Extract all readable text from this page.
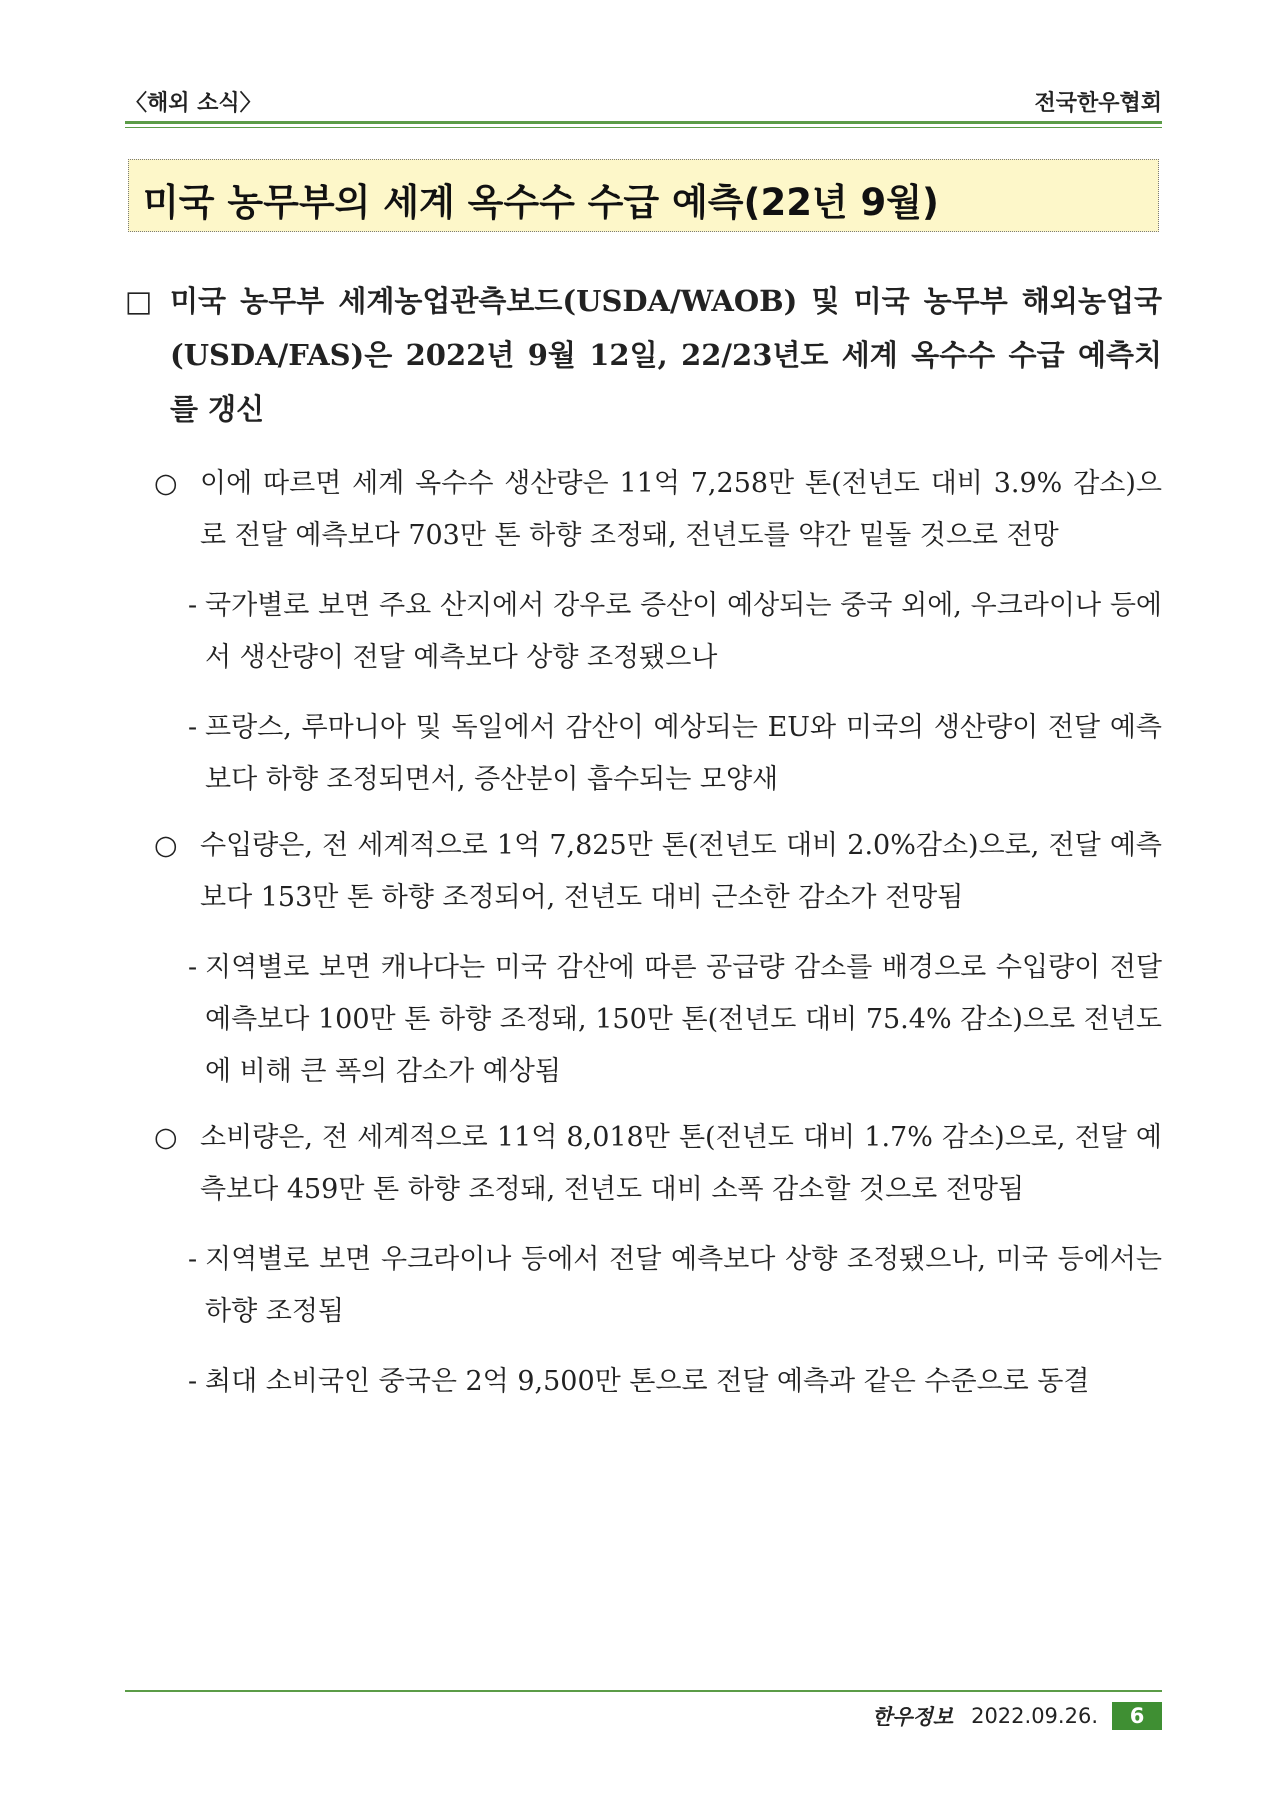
〈해외 소식〉	전국한우협회
미국 농무부의 세계 옥수수 수급 예측(22년 9월)
□ 미국 농무부 세계농업관측보드(USDA/WAOB) 및 미국 농무부 해외농업국(USDA/FAS)은 2022년 9월 12일, 22/23년도 세계 옥수수 수급 예측치를 갱신
○ 이에 따르면 세계 옥수수 생산량은 11억 7,258만 톤(전년도 대비 3.9% 감소)으로 전달 예측보다 703만 톤 하향 조정돼, 전년도를 약간 밑돌 것으로 전망
- 국가별로 보면 주요 산지에서 강우로 증산이 예상되는 중국 외에, 우크라이나 등에서 생산량이 전달 예측보다 상향 조정됐으나
- 프랑스, 루마니아 및 독일에서 감산이 예상되는 EU와 미국의 생산량이 전달 예측보다 하향 조정되면서, 증산분이 흡수되는 모양새
○ 수입량은, 전 세계적으로 1억 7,825만 톤(전년도 대비 2.0%감소)으로, 전달 예측보다 153만 톤 하향 조정되어, 전년도 대비 근소한 감소가 전망됨
- 지역별로 보면 캐나다는 미국 감산에 따른 공급량 감소를 배경으로 수입량이 전달 예측보다 100만 톤 하향 조정돼, 150만 톤(전년도 대비 75.4% 감소)으로 전년도에 비해 큰 폭의 감소가 예상됨
○ 소비량은, 전 세계적으로 11억 8,018만 톤(전년도 대비 1.7% 감소)으로, 전달 예측보다 459만 톤 하향 조정돼, 전년도 대비 소폭 감소할 것으로 전망됨
- 지역별로 보면 우크라이나 등에서 전달 예측보다 상향 조정됐으나, 미국 등에서는 하향 조정됨
- 최대 소비국인 중국은 2억 9,500만 톤으로 전달 예측과 같은 수준으로 동결
한우정보 2022.09.26.	6
